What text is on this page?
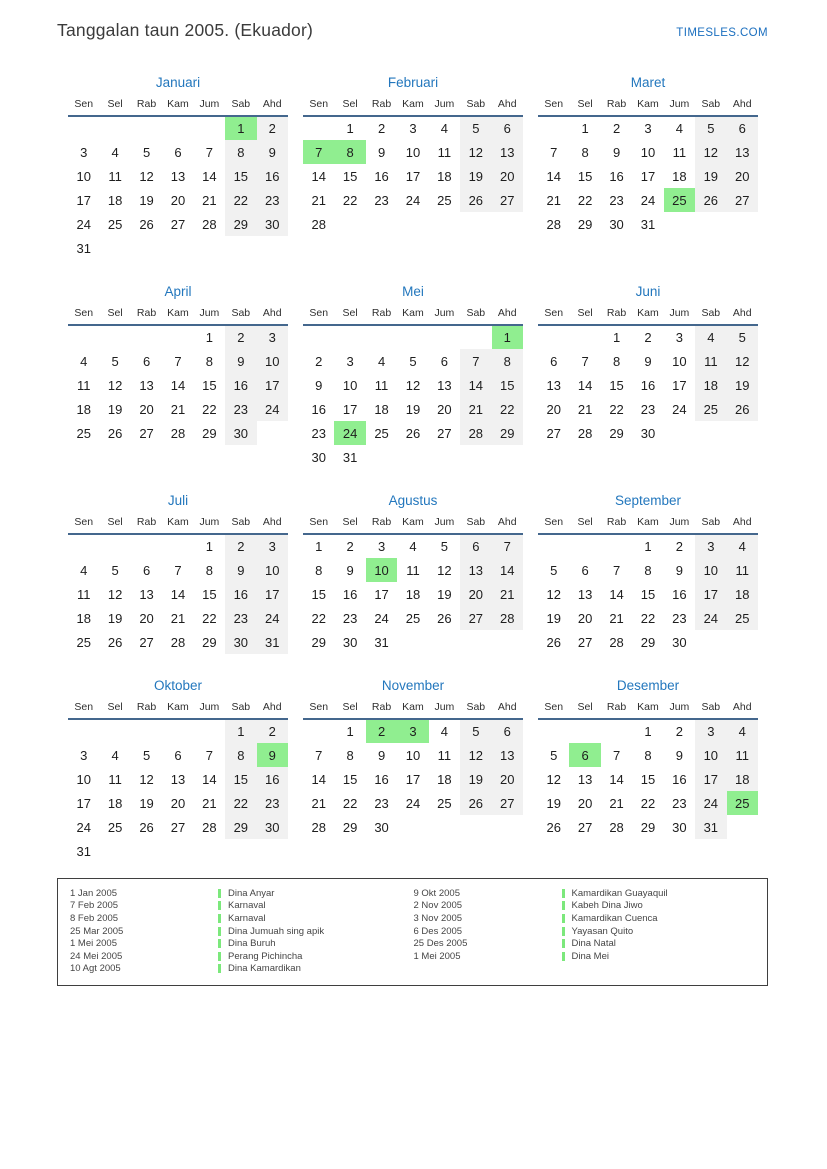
Tanggalan taun 2005. (Ekuador)	TIMESLES.COM
Januari
Sen	Sel	Rab	Kam	Jum	Sab	Ahd
					1	2
3	4	5	6	7	8	9
10	11	12	13	14	15	16
17	18	19	20	21	22	23
24	25	26	27	28	29	30
31						
Februari
Sen	Sel	Rab	Kam	Jum	Sab	Ahd
	1	2	3	4	5	6
7	8	9	10	11	12	13
14	15	16	17	18	19	20
21	22	23	24	25	26	27
28						
Maret
Sen	Sel	Rab	Kam	Jum	Sab	Ahd
	1	2	3	4	5	6
7	8	9	10	11	12	13
14	15	16	17	18	19	20
21	22	23	24	25	26	27
28	29	30	31			
April
Sen	Sel	Rab	Kam	Jum	Sab	Ahd
				1	2	3
4	5	6	7	8	9	10
11	12	13	14	15	16	17
18	19	20	21	22	23	24
25	26	27	28	29	30	
Mei
Sen	Sel	Rab	Kam	Jum	Sab	Ahd
						1
2	3	4	5	6	7	8
9	10	11	12	13	14	15
16	17	18	19	20	21	22
23	24	25	26	27	28	29
30	31					
Juni
Sen	Sel	Rab	Kam	Jum	Sab	Ahd
		1	2	3	4	5
6	7	8	9	10	11	12
13	14	15	16	17	18	19
20	21	22	23	24	25	26
27	28	29	30			
Juli
Sen	Sel	Rab	Kam	Jum	Sab	Ahd
				1	2	3
4	5	6	7	8	9	10
11	12	13	14	15	16	17
18	19	20	21	22	23	24
25	26	27	28	29	30	31
Agustus
Sen	Sel	Rab	Kam	Jum	Sab	Ahd
1	2	3	4	5	6	7
8	9	10	11	12	13	14
15	16	17	18	19	20	21
22	23	24	25	26	27	28
29	30	31				
September
Sen	Sel	Rab	Kam	Jum	Sab	Ahd
			1	2	3	4
5	6	7	8	9	10	11
12	13	14	15	16	17	18
19	20	21	22	23	24	25
26	27	28	29	30		
Oktober
Sen	Sel	Rab	Kam	Jum	Sab	Ahd
					1	2
3	4	5	6	7	8	9
10	11	12	13	14	15	16
17	18	19	20	21	22	23
24	25	26	27	28	29	30
31						
November
Sen	Sel	Rab	Kam	Jum	Sab	Ahd
	1	2	3	4	5	6
7	8	9	10	11	12	13
14	15	16	17	18	19	20
21	22	23	24	25	26	27
28	29	30				
Desember
Sen	Sel	Rab	Kam	Jum	Sab	Ahd
			1	2	3	4
5	6	7	8	9	10	11
12	13	14	15	16	17	18
19	20	21	22	23	24	25
26	27	28	29	30	31	
1 Jan 2005	Dina Anyar
7 Feb 2005	Karnaval
8 Feb 2005	Karnaval
25 Mar 2005	Dina Jumuah sing apik
1 Mei 2005	Dina Buruh
24 Mei 2005	Perang Pichincha
10 Agt 2005	Dina Kamardikan
9 Okt 2005	Kamardikan Guayaquil
2 Nov 2005	Kabeh Dina Jiwo
3 Nov 2005	Kamardikan Cuenca
6 Des 2005	Yayasan Quito
25 Des 2005	Dina Natal
1 Mei 2005	Dina Mei
